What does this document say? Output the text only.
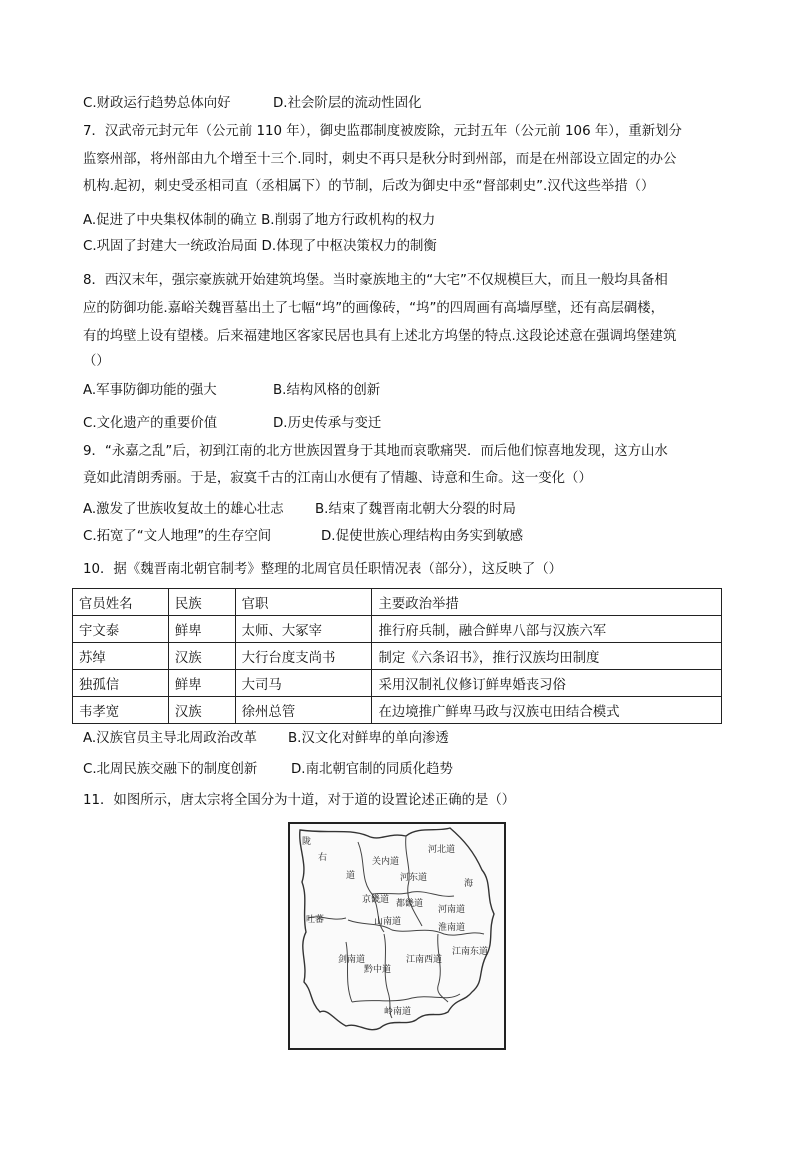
C.财政运行趋势总体向好	D.社会阶层的流动性固化
7．汉武帝元封元年（公元前 110 年），御史监郡制度被废除，元封五年（公元前 106 年），重新划分
监察州部，将州部由九个增至十三个.同时，刺史不再只是秋分时到州部，而是在州部设立固定的办公
机构.起初，刺史受丞相司直（丞相属下）的节制，后改为御史中丞“督部刺史”.汉代这些举措（）
A.促进了中央集权体制的确立 B.削弱了地方行政机构的权力
C.巩固了封建大一统政治局面 D.体现了中枢决策权力的制衡
8．西汉末年，强宗豪族就开始建筑坞堡。当时豪族地主的“大宅”不仅规模巨大，而且一般均具备相
应的防御功能.嘉峪关魏晋墓出土了七幅“坞”的画像砖，“坞”的四周画有高墙厚壁，还有高层碉楼，
有的坞壁上设有望楼。后来福建地区客家民居也具有上述北方坞堡的特点.这段论述意在强调坞堡建筑
（）
A.军事防御功能的强大	B.结构风格的创新
C.文化遗产的重要价值	D.历史传承与变迁
9．“永嘉之乱”后，初到江南的北方世族因置身于其地而哀歌痛哭．而后他们惊喜地发现，这方山水
竟如此清朗秀丽。于是，寂寞千古的江南山水便有了情趣、诗意和生命。这一变化（）
A.激发了世族收复故土的雄心壮志 B.结束了魏晋南北朝大分裂的时局
C.拓宽了“文人地理”的生存空间	D.促使世族心理结构由务实到敏感
10．据《魏晋南北朝官制考》整理的北周官员任职情况表（部分），这反映了（）
官员姓名	民族	官职	主要政治举措
宇文泰	鲜卑	太师、大冢宰	推行府兵制，融合鲜卑八部与汉族六军
苏绰	汉族	大行台度支尚书	制定《六条诏书》，推行汉族均田制度
独孤信	鲜卑	大司马	采用汉制礼仪修订鲜卑婚丧习俗
韦孝宽	汉族	徐州总管	在边境推广鲜卑马政与汉族屯田结合模式
A.汉族官员主导北周政治改革 B.汉文化对鲜卑的单向渗透
C.北周民族交融下的制度创新	D.南北朝官制的同质化趋势
11．如图所示，唐太宗将全国分为十道，对于道的设置论述正确的是（）
陇
右
道
关内道
河北道
河南道
河东道
都畿道
京畿道
山南道
淮南道
剑南道
黔中道
江南西道
江南东道
岭南道
吐蕃
海
